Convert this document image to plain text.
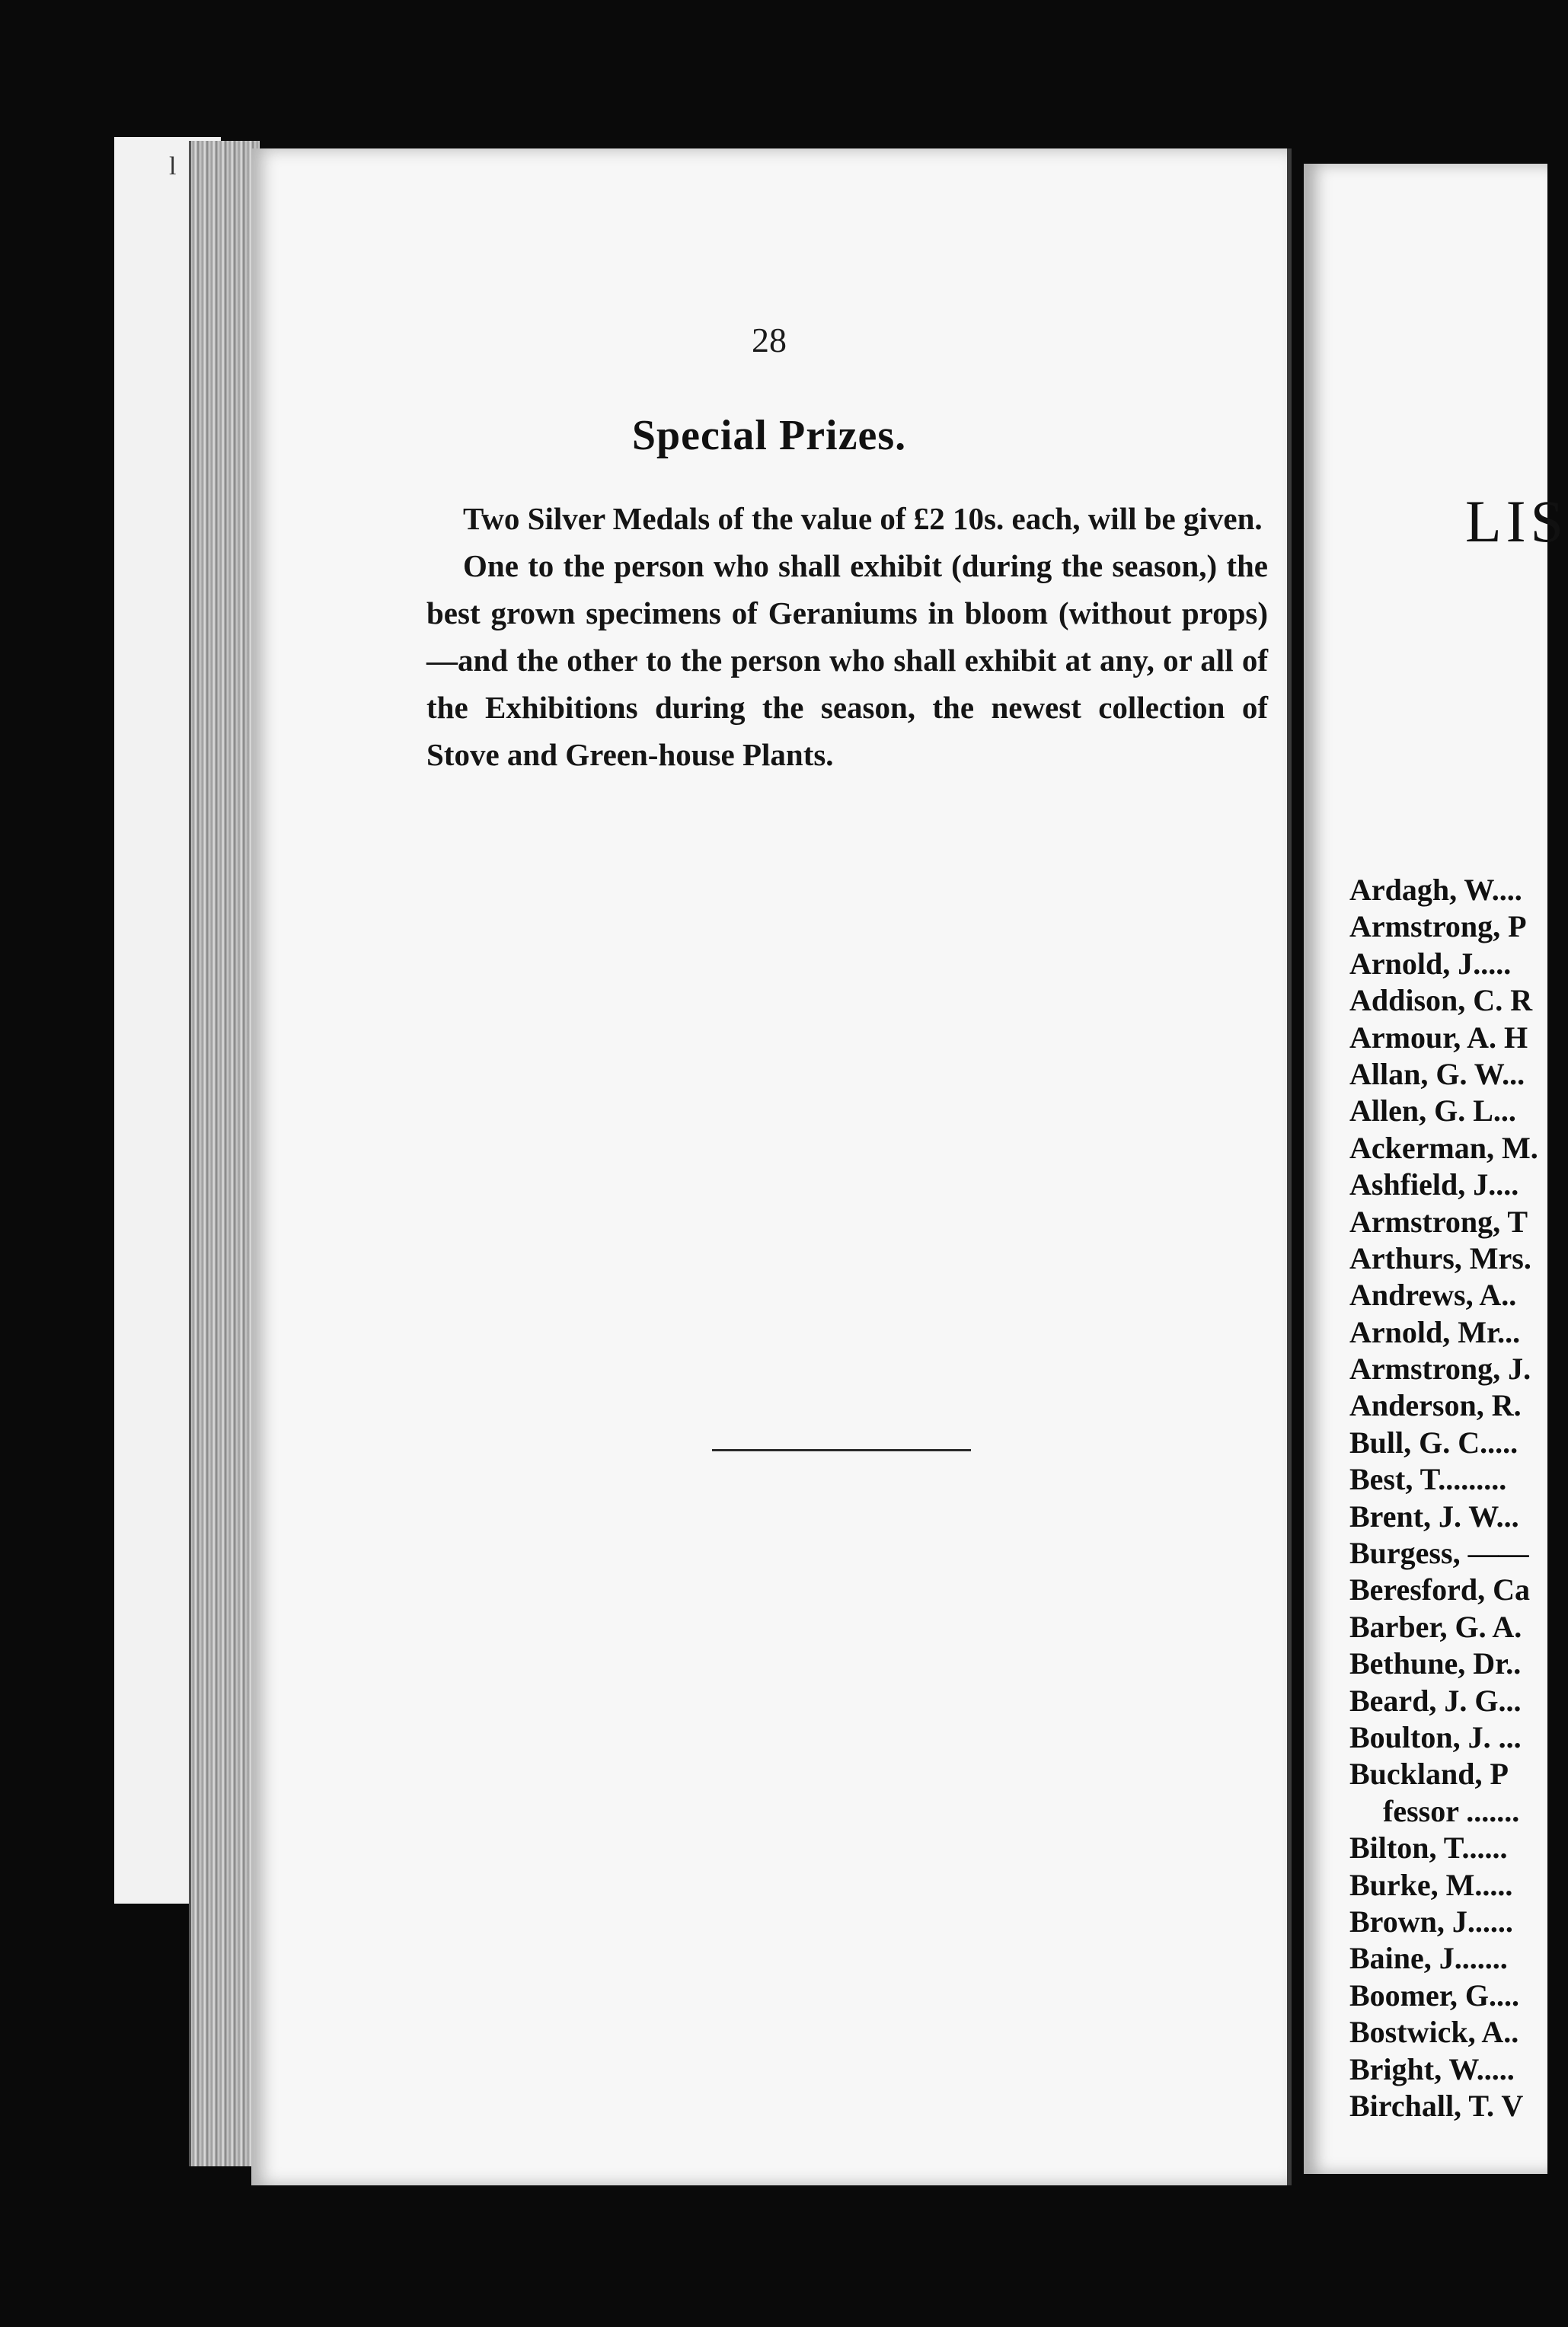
l
28
Special Prizes.

Two Silver Medals of the value of £2 10s. each, will be given.

One to the person who shall exhibit (during the season,) the best grown specimens of Geraniums in bloom (without props)—and the other to the person who shall exhibit at any, or all of the Exhibitions during the season, the newest collection of Stove and Green-house Plants.

LIS
Ardagh, W....
Armstrong, P
Arnold, J.....
Addison, C. R
Armour, A. H
Allan, G. W...
Allen, G. L...
Ackerman, M.
Ashfield, J....
Armstrong, T
Arthurs, Mrs.
Andrews, A..
Arnold, Mr...
Armstrong, J.
Anderson, R.
Bull, G. C.....
Best, T.........
Brent, J. W...
Burgess, ——
Beresford, Ca
Barber, G. A.
Bethune, Dr..
Beard, J. G...
Boulton, J. ...
Buckland, P
fessor .......
Bilton, T......
Burke, M.....
Brown, J......
Baine, J.......
Boomer, G....
Bostwick, A..
Bright, W.....
Birchall, T. V
